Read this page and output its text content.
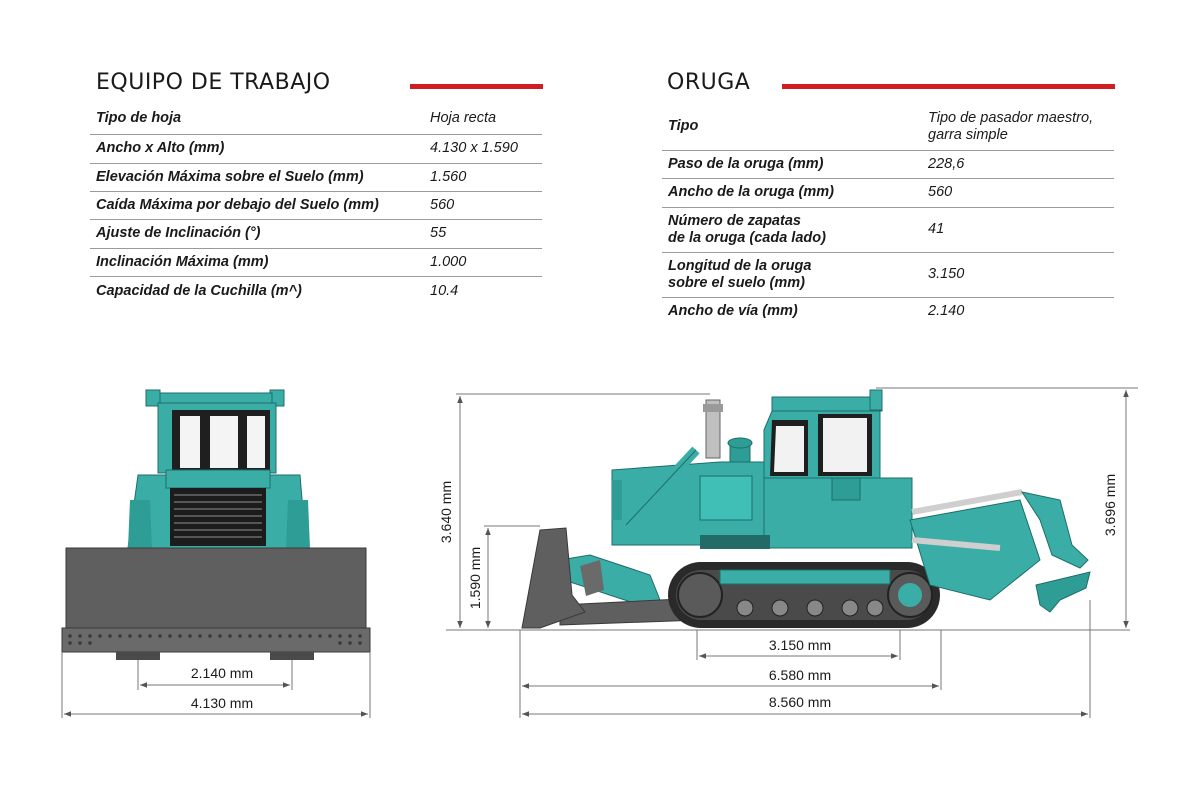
EQUIPO DE TRABAJO
Tipo de hoja	Hoja recta
Ancho x Alto (mm)	4.130 x 1.590
Elevación Máxima sobre el Suelo (mm)	1.560
Caída Máxima por debajo del Suelo (mm)	560
Ajuste de Inclinación (°)	55
Inclinación Máxima (mm)	1.000
Capacidad de la Cuchilla (m^)	10.4
ORUGA
Tipo	Tipo de pasador maestro,
garra simple
Paso de la oruga (mm)	228,6
Ancho de la oruga (mm)	560
Número de zapatas
de la oruga (cada lado)	41
Longitud de la oruga
sobre el suelo (mm)	3.150
Ancho de vía (mm)	2.140
2.140 mm
4.130 mm
3.640 mm
1.590 mm
3.696 mm
3.150 mm
6.580 mm
8.560 mm
